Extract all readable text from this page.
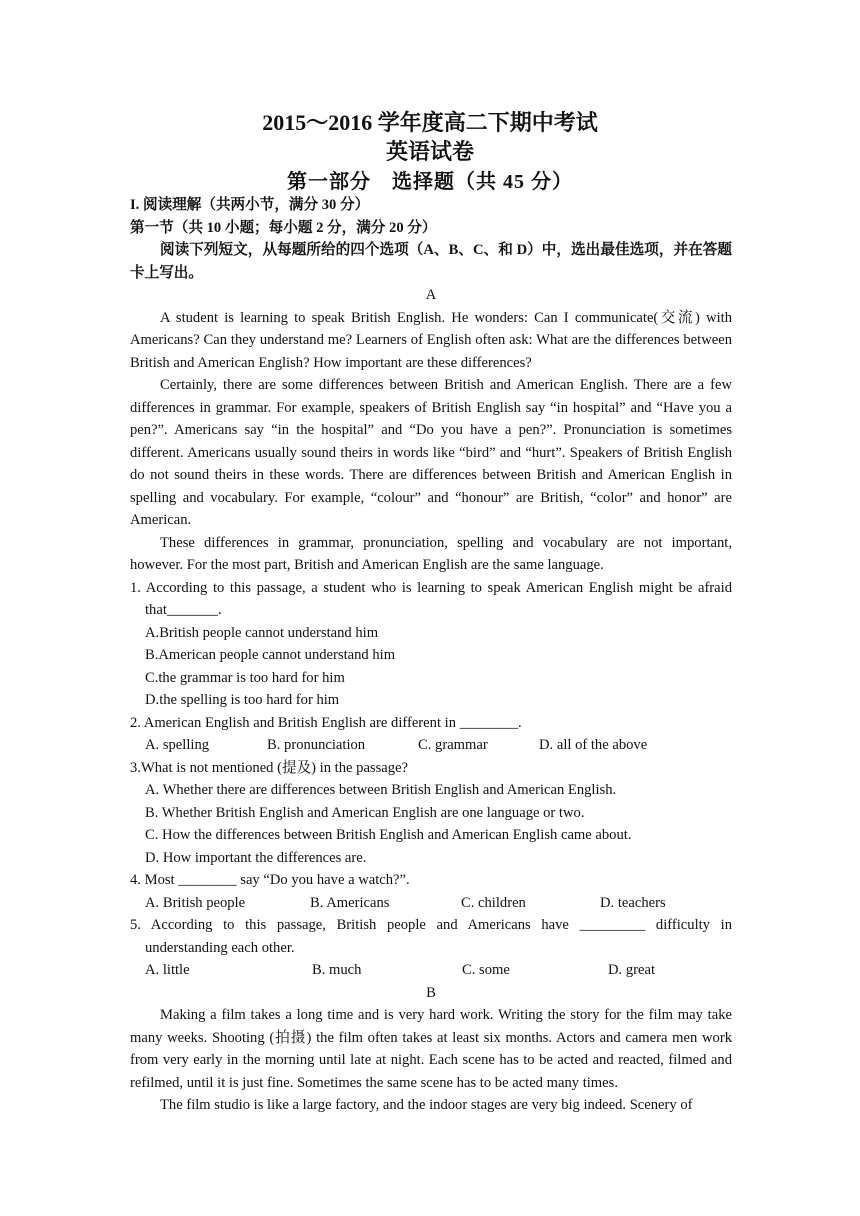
2015～2016 学年度高二下期中考试
英语试卷
第一部分　选择题（共 45 分）

I. 阅读理解（共两小节，满分 30 分）

第一节（共 10 小题；每小题 2 分，满分 20 分）

阅读下列短文，从每题所给的四个选项（A、B、C、和 D）中，选出最佳选项，并在答题卡上写出。

A

A student is learning to speak British English. He wonders: Can I communicate(交流) with Americans? Can they understand me? Learners of English often ask: What are the differences between British and American English? How important are these differences?

Certainly, there are some differences between British and American English. There are a few differences in grammar. For example, speakers of British English say “in hospital” and “Have you a pen?”. Americans say “in the hospital” and “Do you have a pen?”. Pronunciation is sometimes different. Americans usually sound theirs in words like “bird” and “hurt”. Speakers of British English do not sound theirs in these words. There are differences between British and American English in spelling and vocabulary. For example, “colour” and “honour” are British, “color” and honor” are American.

These differences in grammar, pronunciation, spelling and vocabulary are not important, however. For the most part, British and American English are the same language.

1. According to this passage, a student who is learning to speak American English might be afraid that_______.

A.British people cannot understand him

B.American people cannot understand him

C.the grammar is too hard for him

D.the spelling is too hard for him

2. American English and British English are different in ________.

A. spelling	B. pronunciation	C. grammar	D. all of the above

3.What is not mentioned (提及) in the passage?

A. Whether there are differences between British English and American English.

B. Whether British English and American English are one language or two.

C. How the differences between British English and American English came about.

D. How important the differences are.

4. Most ________ say “Do you have a watch?”.

A. British people	B. Americans	C. children	D. teachers

5. According to this passage, British people and Americans have _________ difficulty in understanding each other.

A. little	B. much	C. some	D. great

B

Making a film takes a long time and is very hard work. Writing the story for the film may take many weeks. Shooting (拍摄) the film often takes at least six months. Actors and camera men work from very early in the morning until late at night. Each scene has to be acted and reacted, filmed and refilmed, until it is just fine. Sometimes the same scene has to be acted many times.

The film studio is like a large factory, and the indoor stages are very big indeed. Scenery of
